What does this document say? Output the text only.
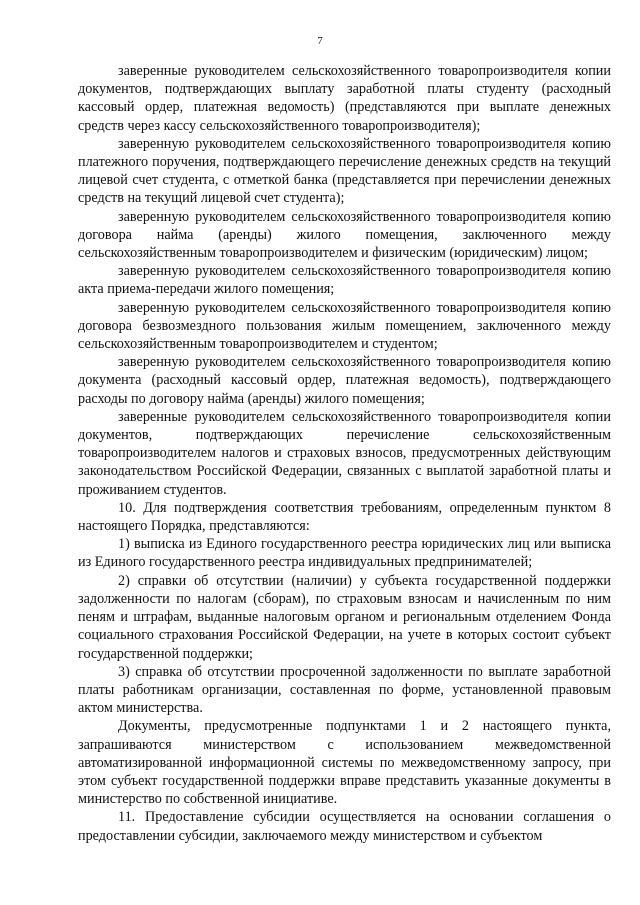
7

заверенные руководителем сельскохозяйственного товаропроизводителя копии документов, подтверждающих выплату заработной платы студенту (расходный кассовый ордер, платежная ведомость) (представляются при выплате денежных средств через кассу сельскохозяйственного товаропроизводителя);

заверенную руководителем сельскохозяйственного товаропроизводителя копию платежного поручения, подтверждающего перечисление денежных средств на текущий лицевой счет студента, с отметкой банка (представляется при перечислении денежных средств на текущий лицевой счет студента);

заверенную руководителем сельскохозяйственного товаропроизводителя копию договора найма (аренды) жилого помещения, заключенного между сельскохозяйственным товаропроизводителем и физическим (юридическим) лицом;

заверенную руководителем сельскохозяйственного товаропроизводителя копию акта приема-передачи жилого помещения;

заверенную руководителем сельскохозяйственного товаропроизводителя копию договора безвозмездного пользования жилым помещением, заключенного между сельскохозяйственным товаропроизводителем и студентом;

заверенную руководителем сельскохозяйственного товаропроизводителя копию документа (расходный кассовый ордер, платежная ведомость), подтверждающего расходы по договору найма (аренды) жилого помещения;

заверенные руководителем сельскохозяйственного товаропроизводителя копии документов, подтверждающих перечисление сельскохозяйственным товаропроизводителем налогов и страховых взносов, предусмотренных действующим законодательством Российской Федерации, связанных с выплатой заработной платы и проживанием студентов.

10. Для подтверждения соответствия требованиям, определенным пунктом 8 настоящего Порядка, представляются:

1) выписка из Единого государственного реестра юридических лиц или выписка из Единого государственного реестра индивидуальных предпринимателей;

2) справки об отсутствии (наличии) у субъекта государственной поддержки задолженности по налогам (сборам), по страховым взносам и начисленным по ним пеням и штрафам, выданные налоговым органом и региональным отделением Фонда социального страхования Российской Федерации, на учете в которых состоит субъект государственной поддержки;

3) справка об отсутствии просроченной задолженности по выплате заработной платы работникам организации, составленная по форме, установленной правовым актом министерства.

Документы, предусмотренные подпунктами 1 и 2 настоящего пункта, запрашиваются министерством с использованием межведомственной автоматизированной информационной системы по межведомственному запросу, при этом субъект государственной поддержки вправе представить указанные документы в министерство по собственной инициативе.

11. Предоставление субсидии осуществляется на основании соглашения о предоставлении субсидии, заключаемого между министерством и субъектом
